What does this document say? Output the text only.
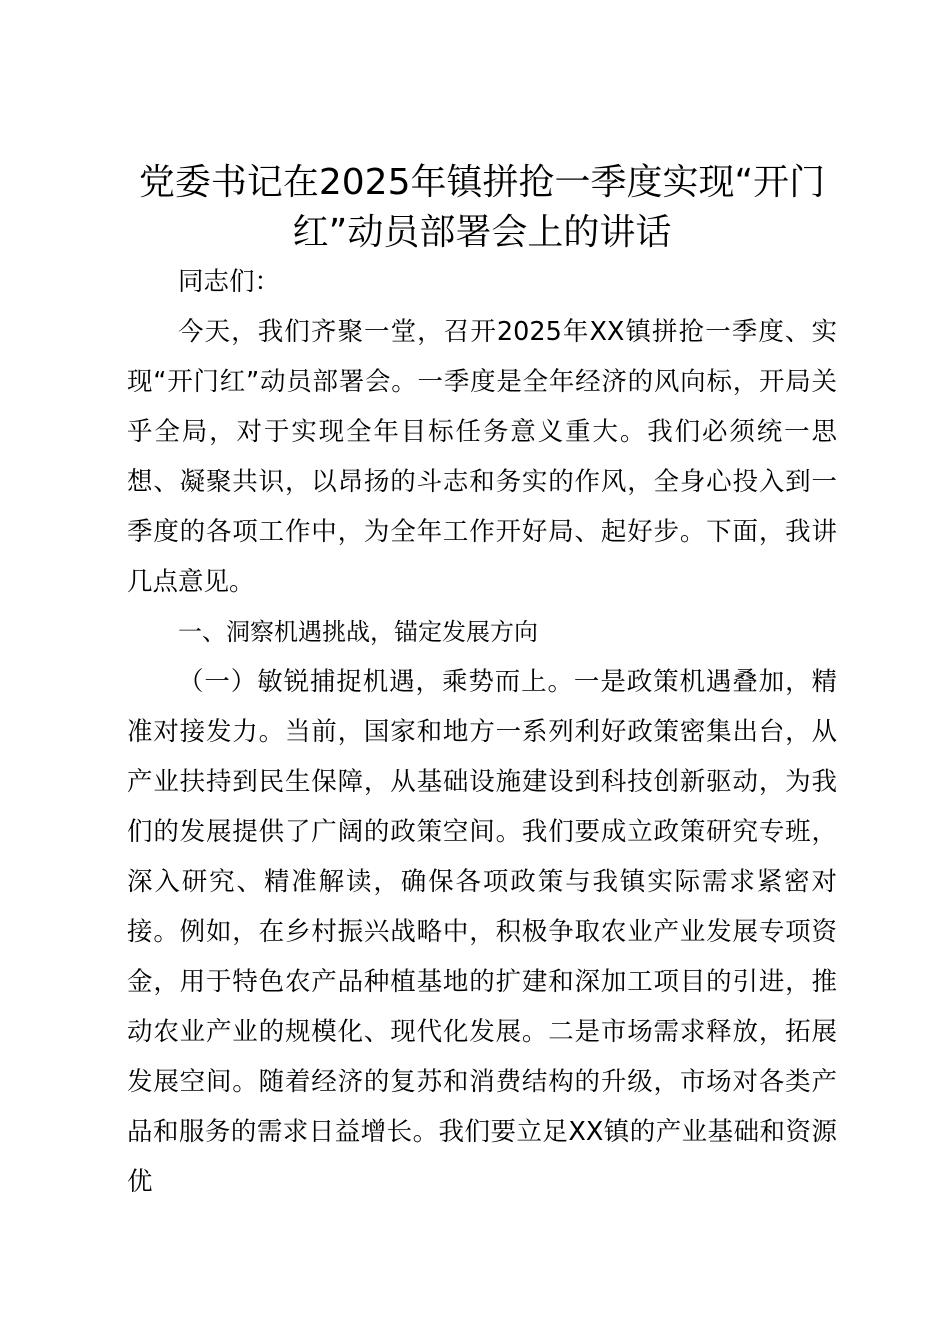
党委书记在2025年镇拼抢一季度实现“开门红”动员部署会上的讲话

同志们：

今天，我们齐聚一堂，召开2025年XX镇拼抢一季度、实现“开门红”动员部署会。一季度是全年经济的风向标，开局关乎全局，对于实现全年目标任务意义重大。我们必须统一思想、凝聚共识，以昂扬的斗志和务实的作风，全身心投入到一季度的各项工作中，为全年工作开好局、起好步。下面，我讲几点意见。

一、洞察机遇挑战，锚定发展方向

（一）敏锐捕捉机遇，乘势而上。一是政策机遇叠加，精准对接发力。当前，国家和地方一系列利好政策密集出台，从产业扶持到民生保障，从基础设施建设到科技创新驱动，为我们的发展提供了广阔的政策空间。我们要成立政策研究专班，深入研究、精准解读，确保各项政策与我镇实际需求紧密对接。例如，在乡村振兴战略中，积极争取农业产业发展专项资金，用于特色农产品种植基地的扩建和深加工项目的引进，推动农业产业的规模化、现代化发展。二是市场需求释放，拓展发展空间。随着经济的复苏和消费结构的升级，市场对各类产品和服务的需求日益增长。我们要立足XX镇的产业基础和资源优
